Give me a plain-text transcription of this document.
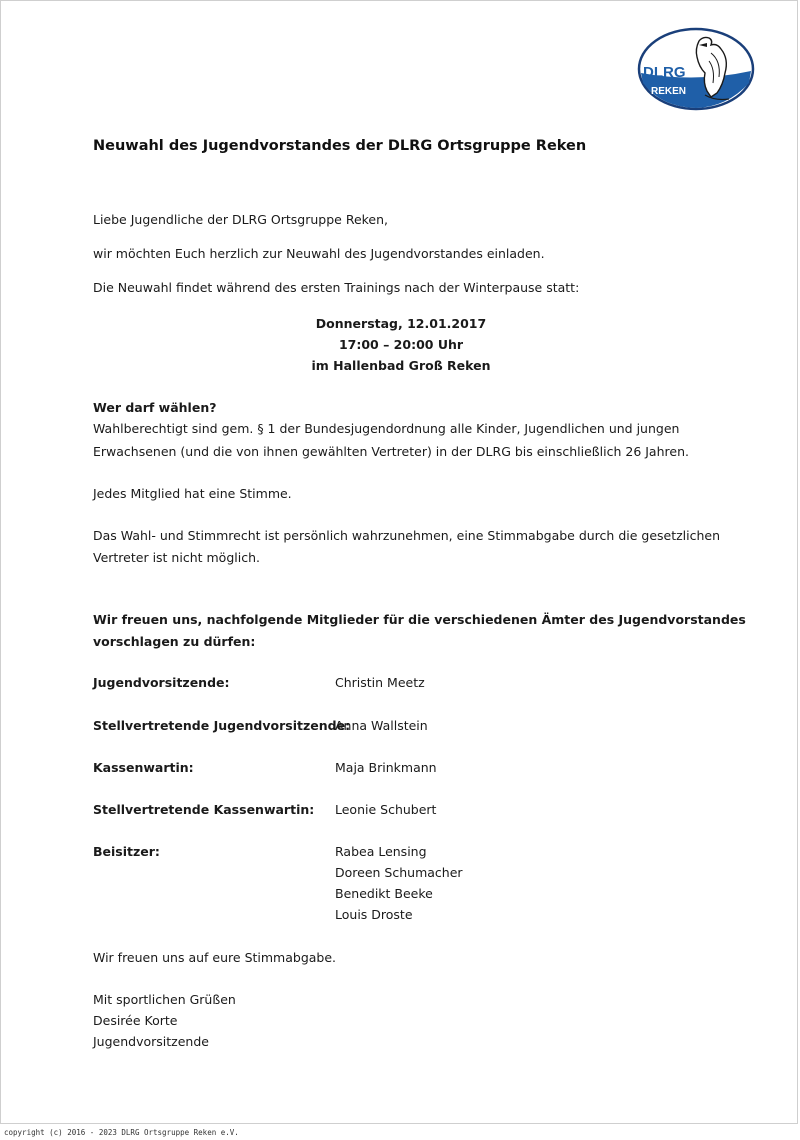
DLRG
REKEN
Neuwahl des Jugendvorstandes der DLRG Ortsgruppe Reken

Liebe Jugendliche der DLRG Ortsgruppe Reken,

wir möchten Euch herzlich zur Neuwahl des Jugendvorstandes einladen.

Die Neuwahl findet während des ersten Trainings nach der Winterpause statt:

Donnerstag, 12.01.2017

17:00 – 20:00 Uhr

im Hallenbad Groß Reken

Wer darf wählen?

Wahlberechtigt sind gem. § 1 der Bundesjugendordnung alle Kinder, Jugendlichen und jungen

Erwachsenen (und die von ihnen gewählten Vertreter) in der DLRG bis einschließlich 26 Jahren.

Jedes Mitglied hat eine Stimme.

Das Wahl- und Stimmrecht ist persönlich wahrzunehmen, eine Stimmabgabe durch die gesetzlichen

Vertreter ist nicht möglich.

Wir freuen uns, nachfolgende Mitglieder für die verschiedenen Ämter des Jugendvorstandes

vorschlagen zu dürfen:

Jugendvorsitzende:	Christin Meetz
Stellvertretende Jugendvorsitzende:
Anna Wallstein
Kassenwartin:	Maja Brinkmann
Stellvertretende Kassenwartin: Leonie Schubert
Beisitzer:	Rabea Lensing
Doreen Schumacher
Benedikt Beeke
Louis Droste

Wir freuen uns auf eure Stimmabgabe.

Mit sportlichen Grüßen

Desirée Korte

Jugendvorsitzende

copyright (c) 2016 - 2023 DLRG Ortsgruppe Reken e.V.
